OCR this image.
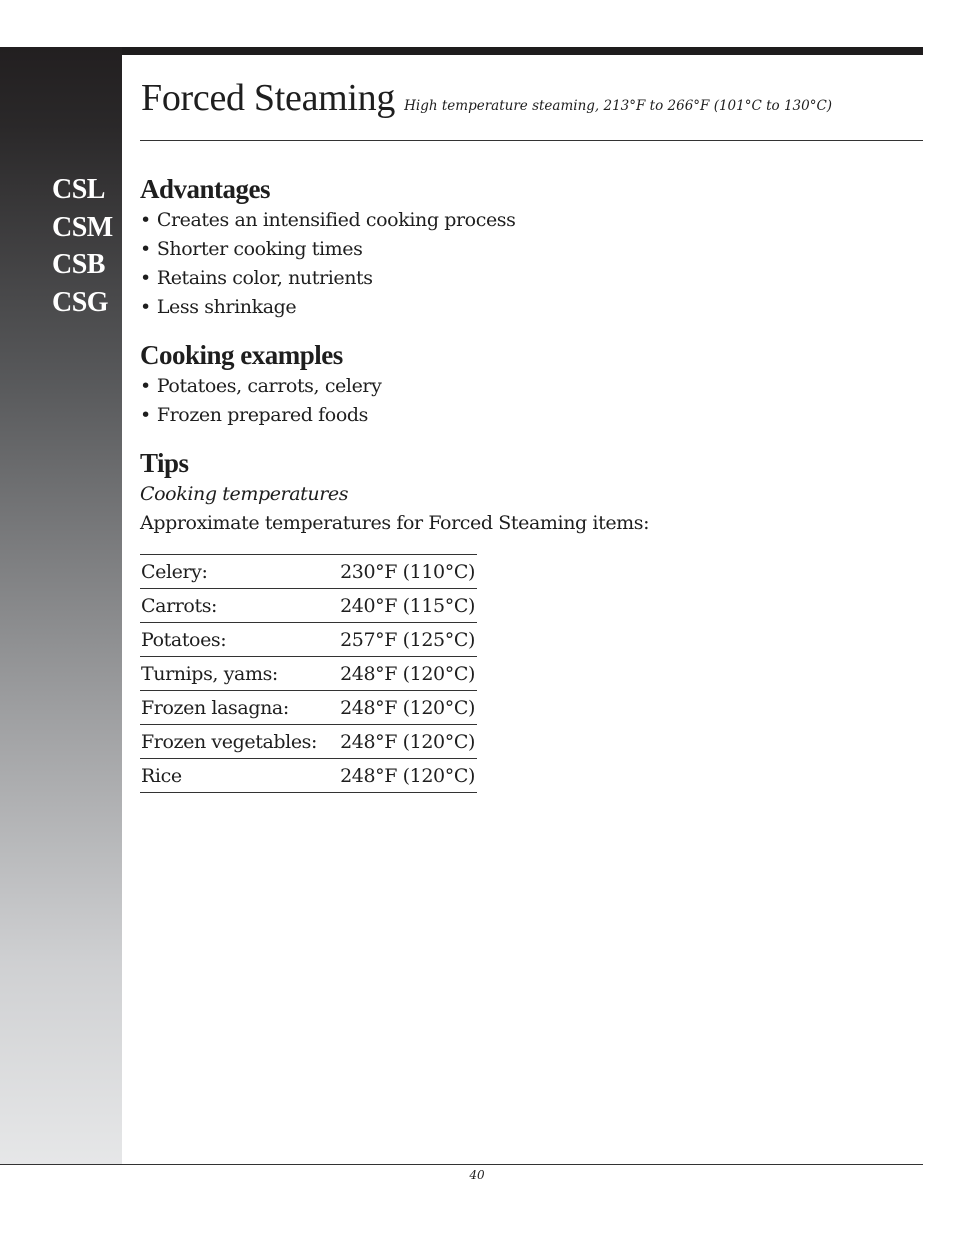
CSL
CSM
CSB
CSG
Forced Steaming High temperature steaming, 213°F to 266°F (101°C to 130°C)
Advantages
• Creates an intensified cooking process
• Shorter cooking times
• Retains color, nutrients
• Less shrinkage
Cooking examples
• Potatoes, carrots, celery
• Frozen prepared foods
Tips
Cooking temperatures
Approximate temperatures for Forced Steaming items:
Celery:	230°F (110°C)
Carrots:	240°F (115°C)
Potatoes:	257°F (125°C)
Turnips, yams:	248°F (120°C)
Frozen lasagna:	248°F (120°C)
Frozen vegetables:	248°F (120°C)
Rice	248°F (120°C)
40
